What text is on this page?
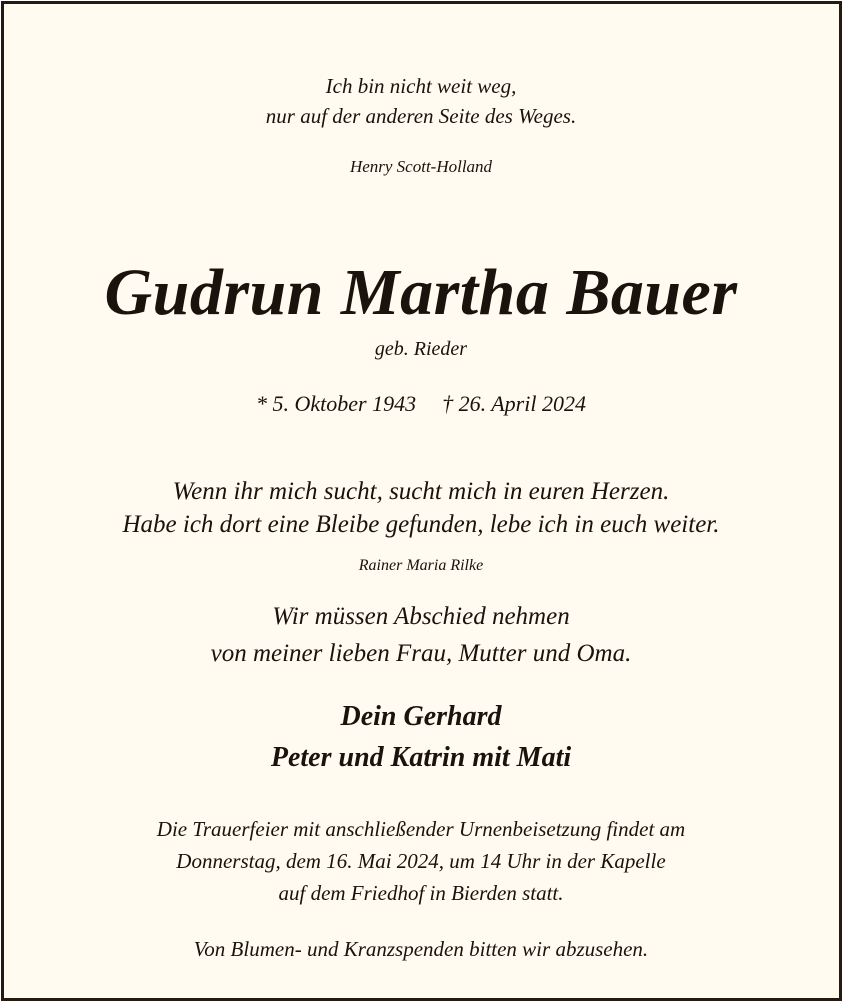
Ich bin nicht weit weg,
nur auf der anderen Seite des Weges.
Henry Scott-Holland
Gudrun Martha Bauer
geb. Rieder
* 5. Oktober 1943 † 26. April 2024
Wenn ihr mich sucht, sucht mich in euren Herzen.
Habe ich dort eine Bleibe gefunden, lebe ich in euch weiter.
Rainer Maria Rilke
Wir müssen Abschied nehmen
von meiner lieben Frau, Mutter und Oma.
Dein Gerhard
Peter und Katrin mit Mati
Die Trauerfeier mit anschließender Urnenbeisetzung findet am
Donnerstag, dem 16. Mai 2024, um 14 Uhr in der Kapelle
auf dem Friedhof in Bierden statt.
Von Blumen- und Kranzspenden bitten wir abzusehen.
